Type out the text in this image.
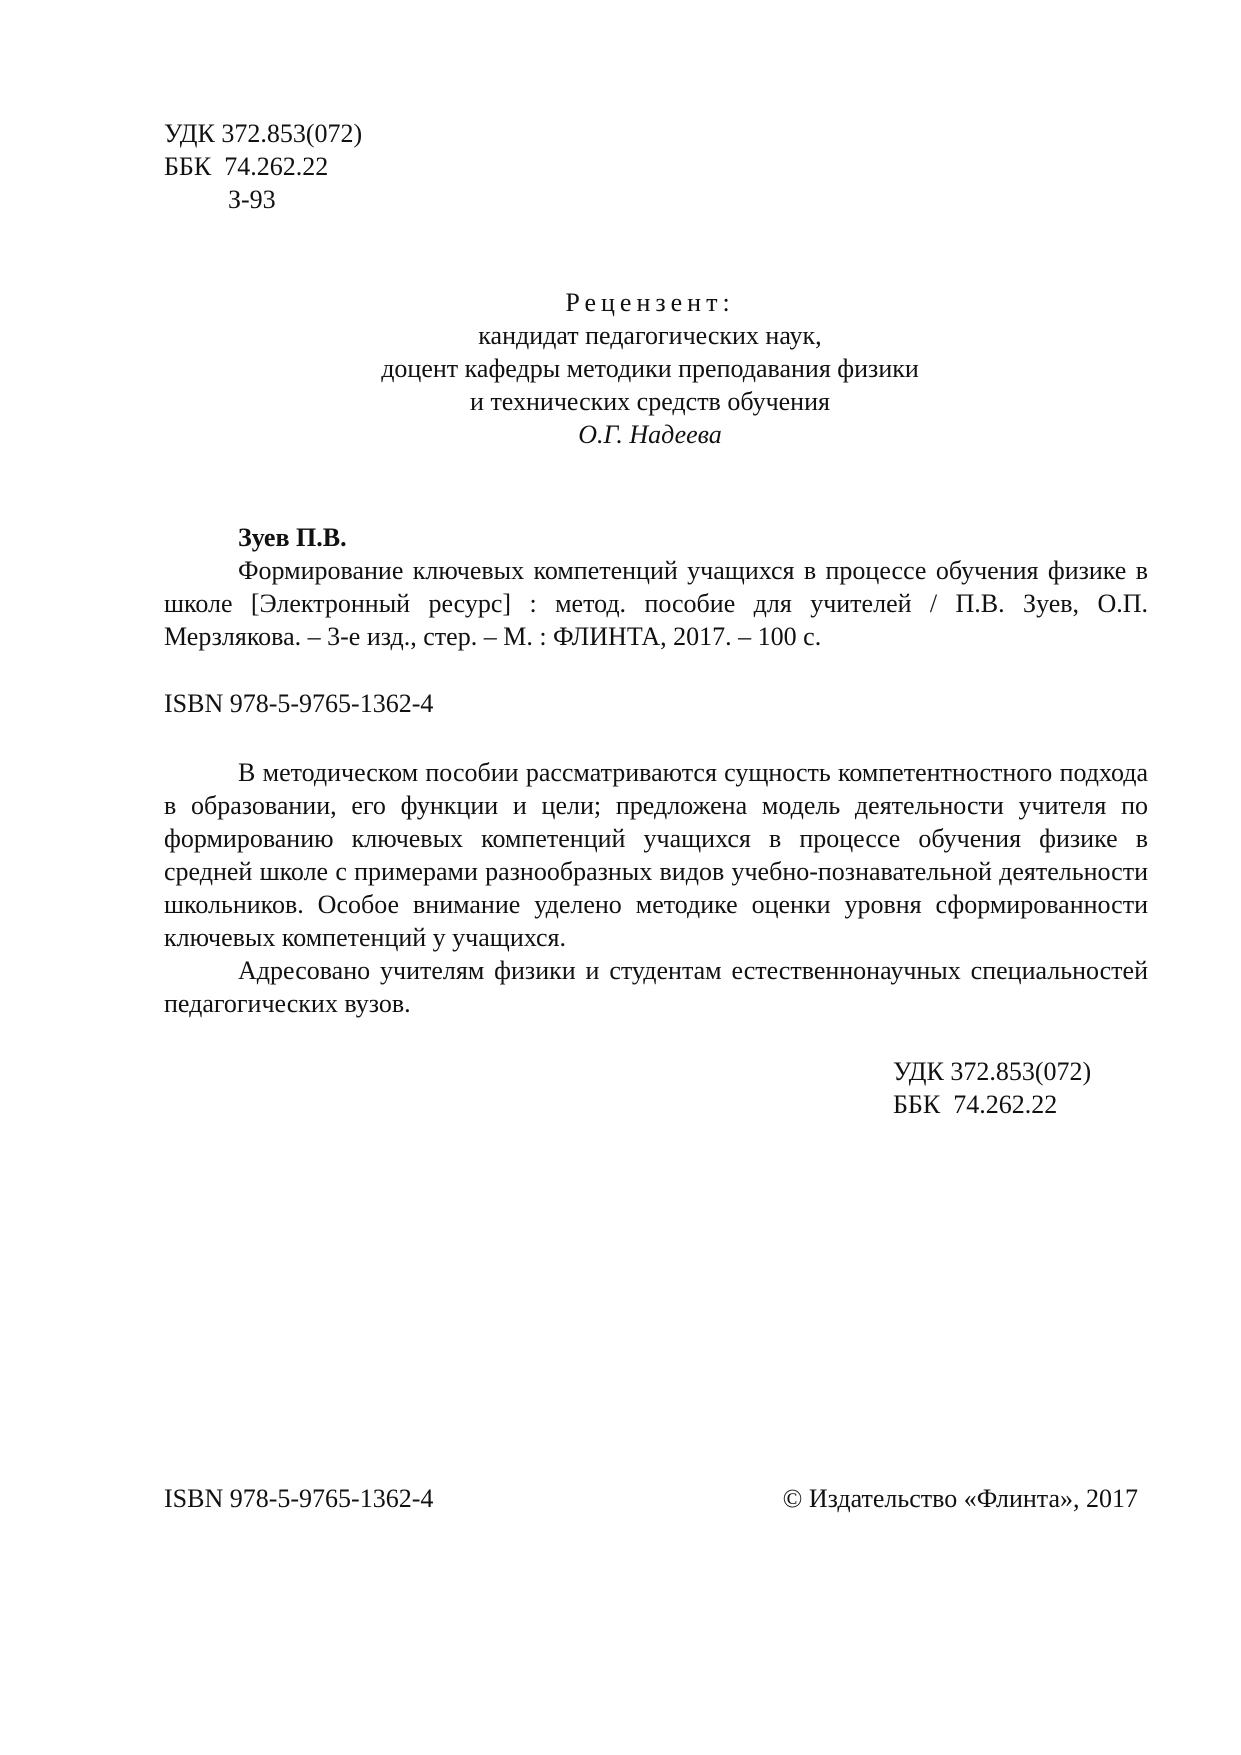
УДК 372.853(072)
ББК  74.262.22
З-93
Рецензент:
кандидат педагогических наук,
доцент кафедры методики преподавания физики
и технических средств обучения
О.Г. Надеева
Зуев П.В.
Формирование ключевых компетенций учащихся в процессе обучения физике в школе [Электронный ресурс] : метод. пособие для учителей / П.В. Зуев, О.П. Мерзлякова. – 3-е изд., стер. – М. : ФЛИНТА, 2017. – 100 с.
ISBN 978-5-9765-1362-4

В методическом пособии рассматриваются сущность компетентностного подхода в образовании, его функции и цели; предложена модель деятельности учителя по формированию ключевых компетенций учащихся в процессе обучения физике в средней школе с примерами разнообразных видов учебно-познавательной деятельности школьников. Особое внимание уделено методике оценки уровня сформированности ключевых компетенций у учащихся.

Адресовано учителям физики и студентам естественнонаучных специальностей педагогических вузов.

УДК 372.853(072)
ББК  74.262.22
ISBN 978-5-9765-1362-4	© Издательство «Флинта», 2017
